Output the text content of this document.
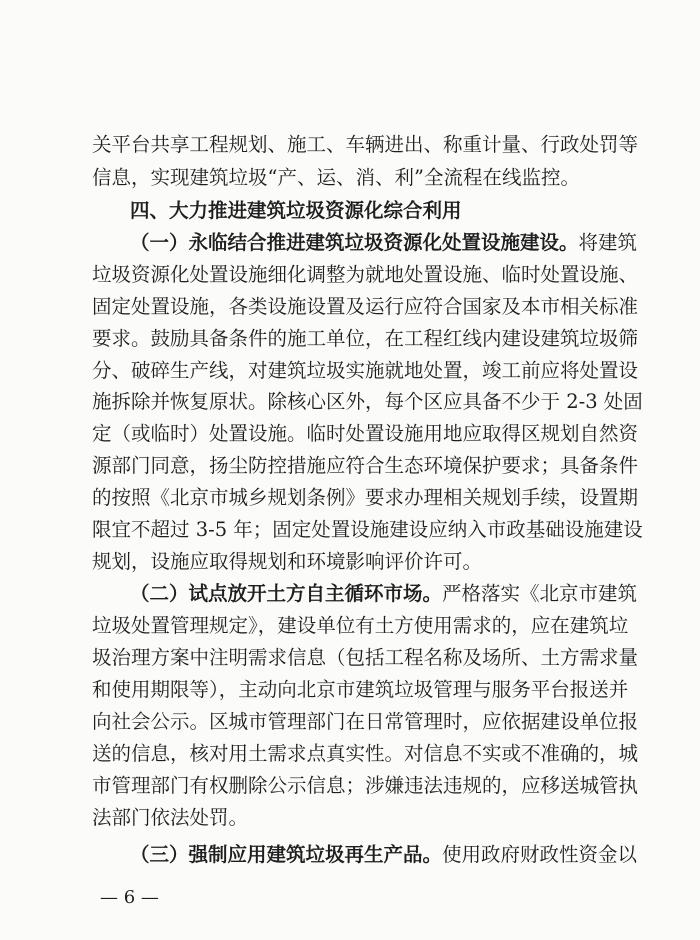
关平台共享工程规划、施工、车辆进出、称重计量、行政处罚等
信息，实现建筑垃圾“产、运、消、利”全流程在线监控。
四、大力推进建筑垃圾资源化综合利用
（一）永临结合推进建筑垃圾资源化处置设施建设。将建筑
垃圾资源化处置设施细化调整为就地处置设施、临时处置设施、
固定处置设施，各类设施设置及运行应符合国家及本市相关标准
要求。鼓励具备条件的施工单位，在工程红线内建设建筑垃圾筛
分、破碎生产线，对建筑垃圾实施就地处置，竣工前应将处置设
施拆除并恢复原状。除核心区外，每个区应具备不少于 2-3 处固
定（或临时）处置设施。临时处置设施用地应取得区规划自然资
源部门同意，扬尘防控措施应符合生态环境保护要求；具备条件
的按照《北京市城乡规划条例》要求办理相关规划手续，设置期
限宜不超过 3-5 年；固定处置设施建设应纳入市政基础设施建设
规划，设施应取得规划和环境影响评价许可。
（二）试点放开土方自主循环市场。严格落实《北京市建筑
垃圾处置管理规定》，建设单位有土方使用需求的，应在建筑垃
圾治理方案中注明需求信息（包括工程名称及场所、土方需求量
和使用期限等），主动向北京市建筑垃圾管理与服务平台报送并
向社会公示。区城市管理部门在日常管理时，应依据建设单位报
送的信息，核对用土需求点真实性。对信息不实或不准确的，城
市管理部门有权删除公示信息；涉嫌违法违规的，应移送城管执
法部门依法处罚。
（三）强制应用建筑垃圾再生产品。使用政府财政性资金以
— 6 —
